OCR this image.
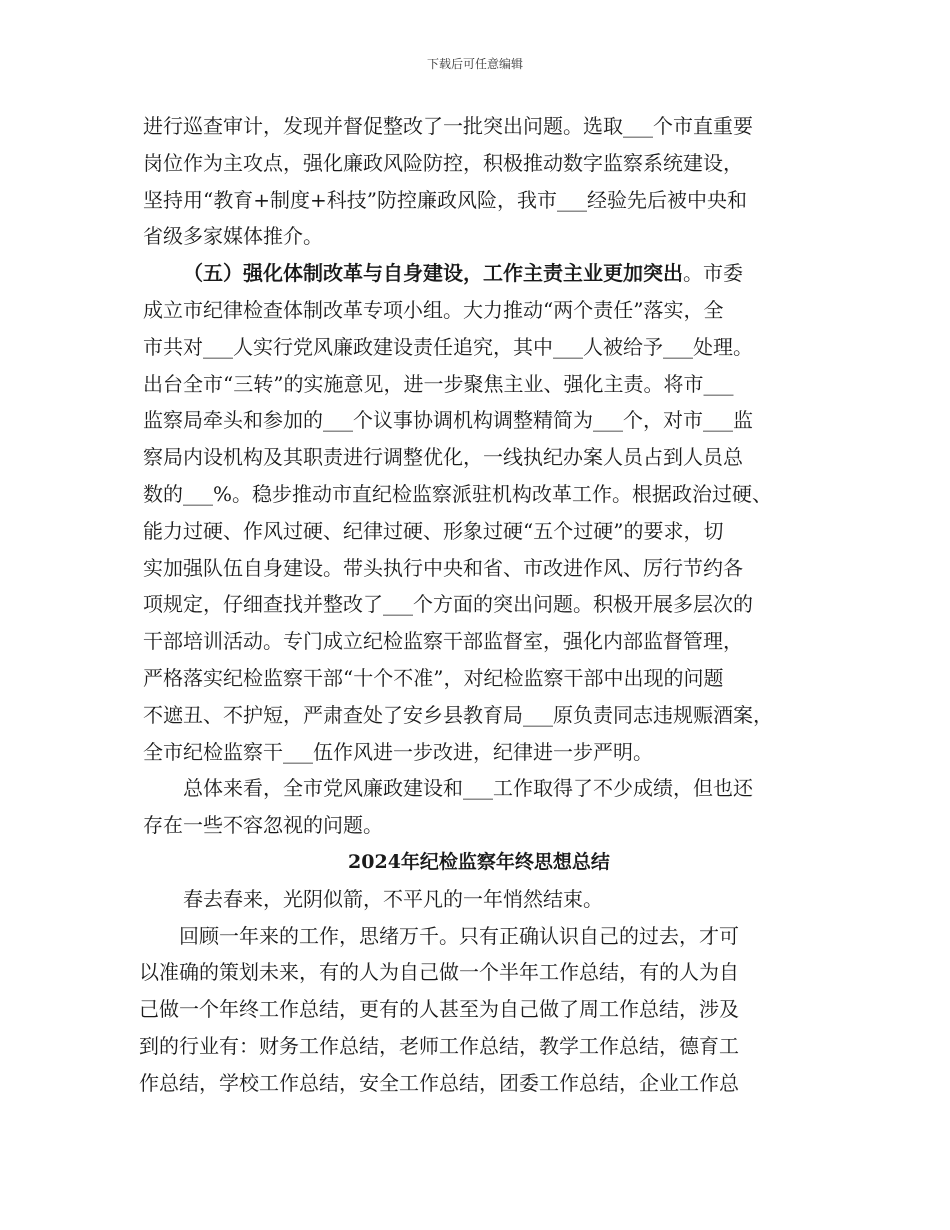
下载后可任意编辑
进行巡查审计，发现并督促整改了一批突出问题。选取___个市直重要
岗位作为主攻点，强化廉政风险防控，积极推动数字监察系统建设，
坚持用“教育+制度+科技”防控廉政风险，我市___经验先后被中央和
省级多家媒体推介。
（五）强化体制改革与自身建设，工作主责主业更加突出。市委
成立市纪律检查体制改革专项小组。大力推动“两个责任”落实，全
市共对___人实行党风廉政建设责任追究，其中___人被给予___处理。
出台全市“三转”的实施意见，进一步聚焦主业、强化主责。将市___
监察局牵头和参加的___个议事协调机构调整精简为___个，对市___监
察局内设机构及其职责进行调整优化，一线执纪办案人员占到人员总
数的___%。稳步推动市直纪检监察派驻机构改革工作。根据政治过硬、
能力过硬、作风过硬、纪律过硬、形象过硬“五个过硬”的要求，切
实加强队伍自身建设。带头执行中央和省、市改进作风、厉行节约各
项规定，仔细查找并整改了___个方面的突出问题。积极开展多层次的
干部培训活动。专门成立纪检监察干部监督室，强化内部监督管理，
严格落实纪检监察干部“十个不准”，对纪检监察干部中出现的问题
不遮丑、不护短，严肃查处了安乡县教育局___原负责同志违规赈酒案，
全市纪检监察干___伍作风进一步改进，纪律进一步严明。
总体来看，全市党风廉政建设和___工作取得了不少成绩，但也还
存在一些不容忽视的问题。
2024年纪检监察年终思想总结
春去春来，光阴似箭，不平凡的一年悄然结束。
回顾一年来的工作，思绪万千。只有正确认识自己的过去，才可
以准确的策划未来，有的人为自己做一个半年工作总结，有的人为自
己做一个年终工作总结，更有的人甚至为自己做了周工作总结，涉及
到的行业有：财务工作总结，老师工作总结，教学工作总结，德育工
作总结，学校工作总结，安全工作总结，团委工作总结，企业工作总
